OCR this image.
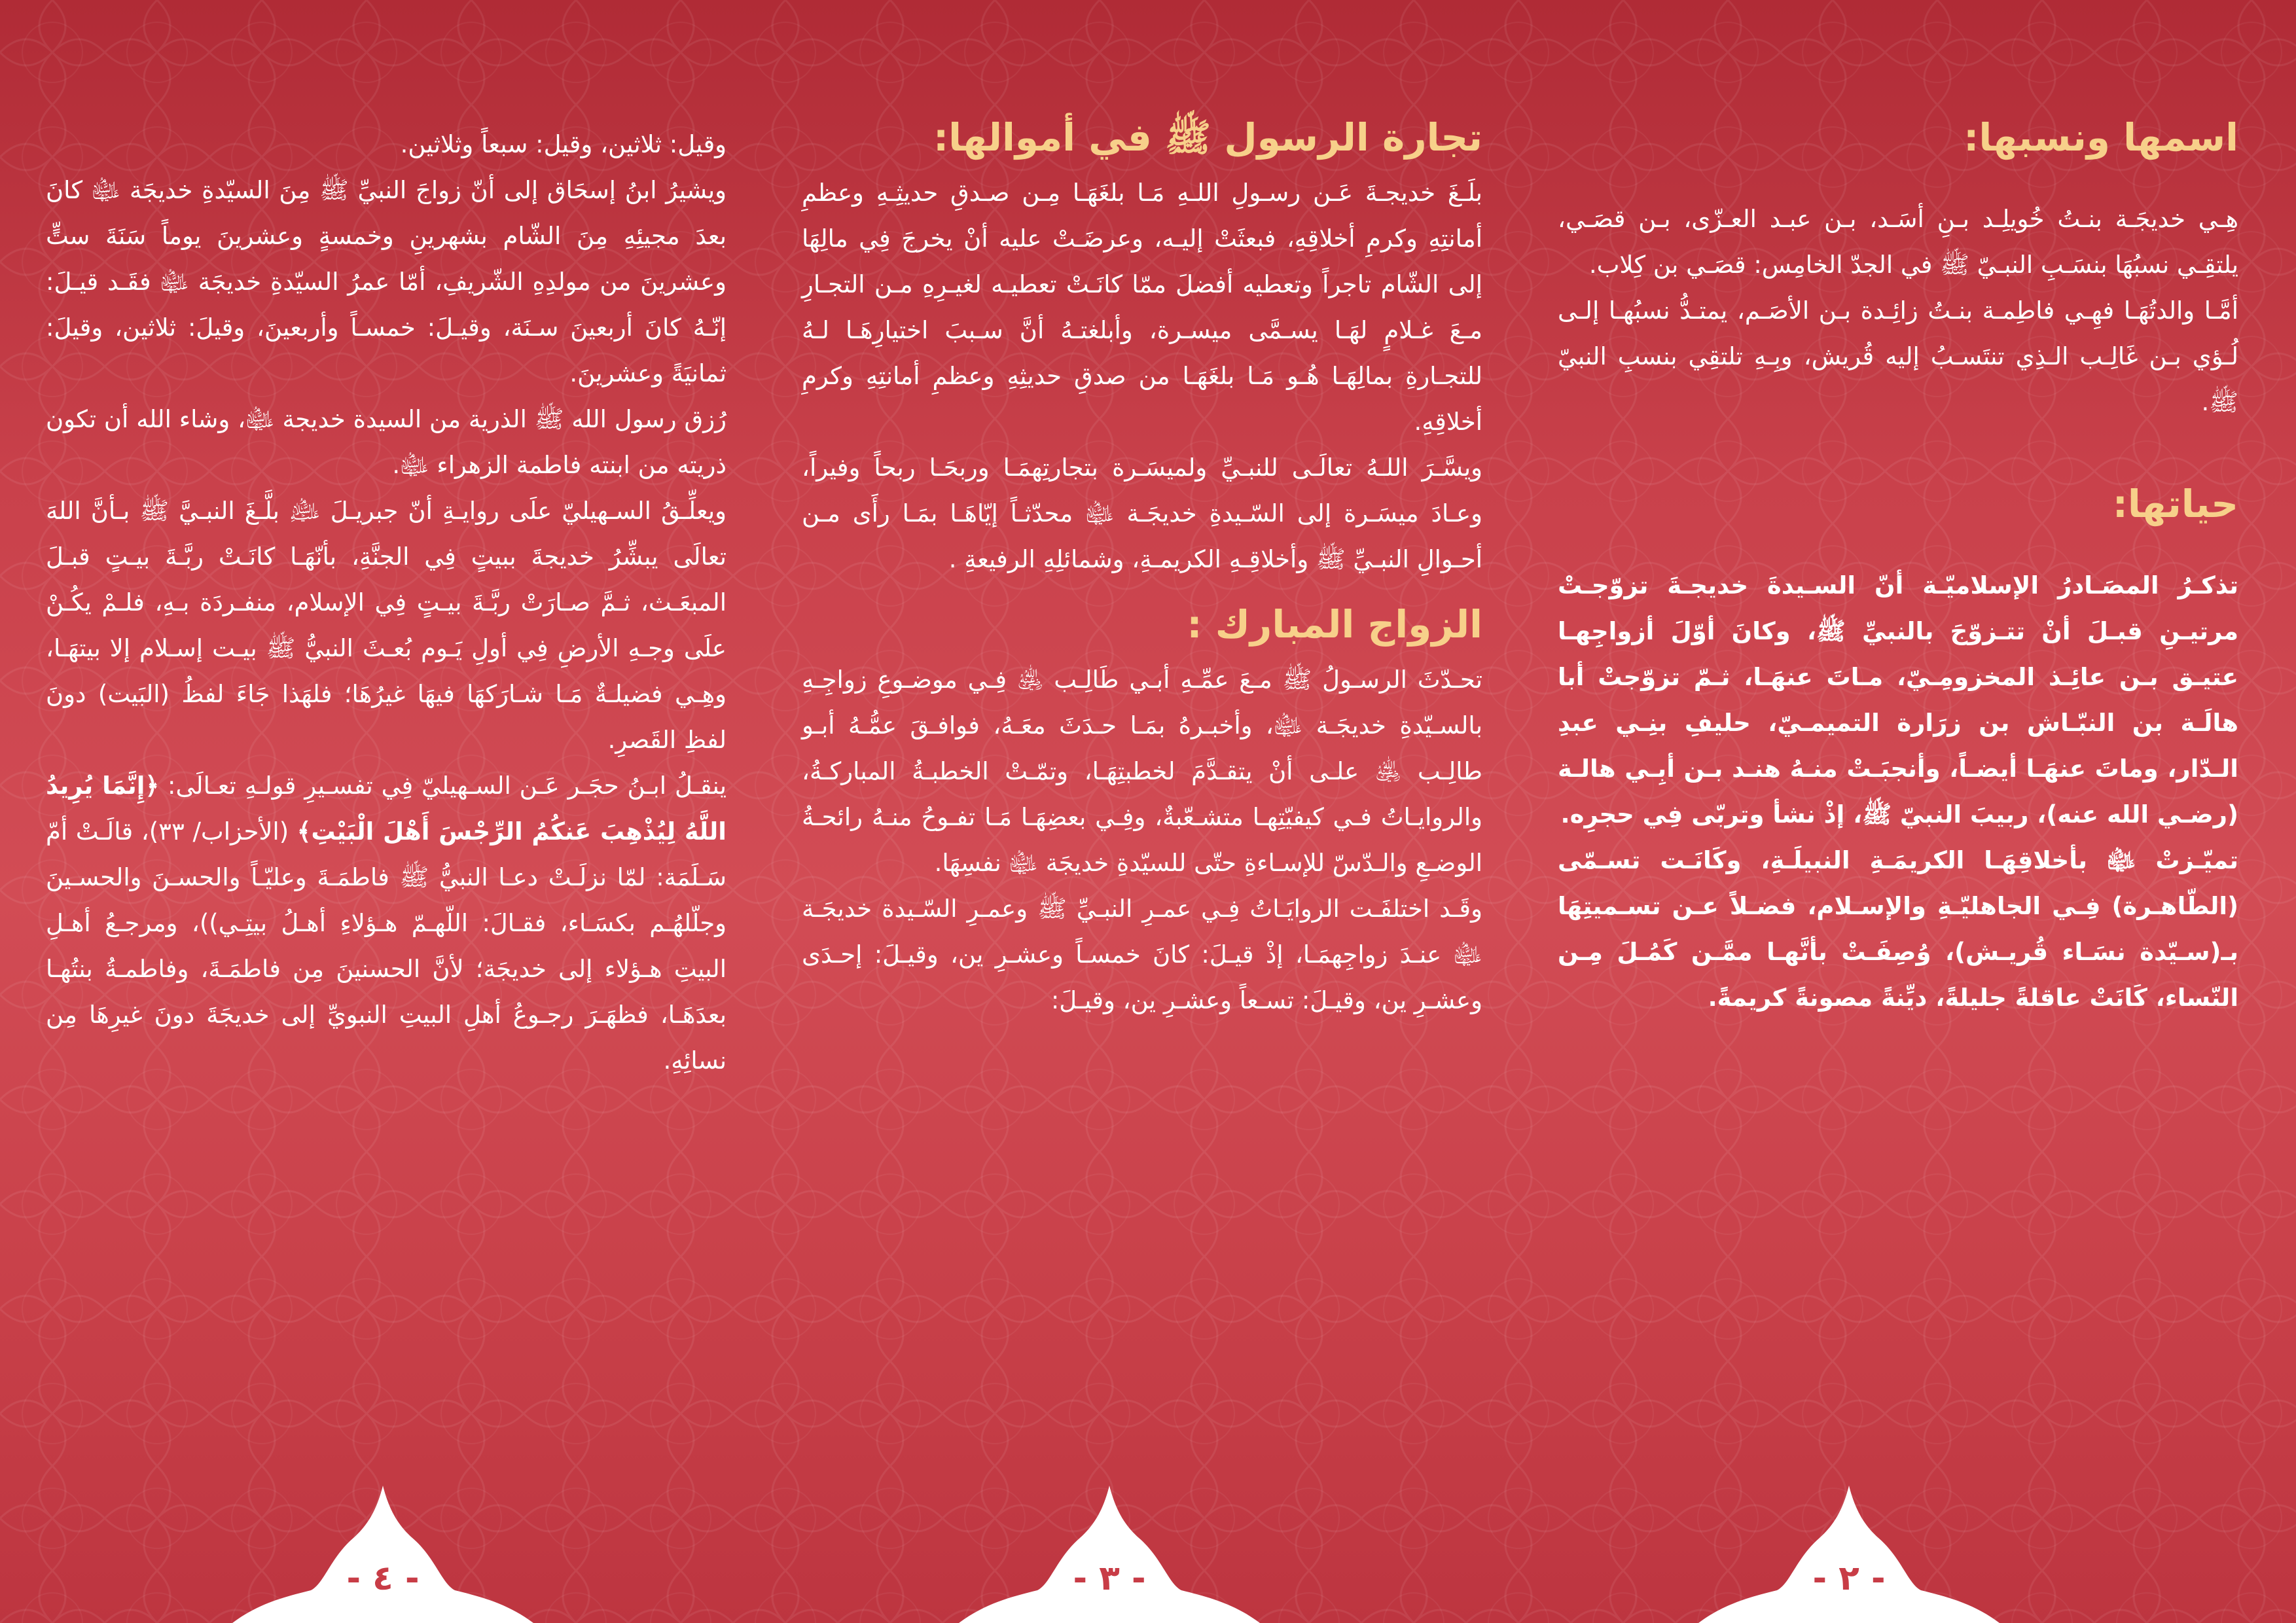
اسمها ونسبها:

هِـي خديجَـة بنـتُ خُويلِـد بـنِ أسَـد، بـن عبـد العـزّى، بـن قصَـي، يلتقِـي نسبُهَا بنسَـبِ النبـيّ ﷺ في الجدّ الخامِس: قصَـي بن كِلاب.

أمَّـا والدتُهَـا فهِـي فاطِمـة بنـتُ زائِـدة بـن الأصَـم، يمتـدُّ نسبُهـا إلـى لُـؤي بـن غَالِـب الـذِي تنتَسـبُ إليه قُريش، وبِـهِ تلتقِي بنسبِ النبيّ ﷺ.

حياتها:

تذكـرُ المصَـادرُ الإسلاميّـة أنّ السـيدةَ خديجـةَ تزوّجـتْ مرتيـنِ قبـلَ أنْ تتـزوّجَ بالنبيِّ ﷺ، وكانَ أوّلَ أزواجِهـا عتيـق بـن عائِـذ المخزومِـيّ، مـاتَ عنهَـا، ثـمّ تزوّجتْ أبا هالَـة بن النبّـاش بن زرَارة التميمـيّ، حليفِ بنِـي عبدِ الـدّار، وماتَ عنهَـا أيضـاً، وأنجبَـتْ منـهُ هنـد بـن أبِـي هالـة (رضـي الله عنه)، ربيبَ النبيّ ﷺ، إذْ نشأ وتربّى فِي حجرِه.

تميّـزتْ ﵍ بأخلاقِهَـا الكريمَـةِ النبيلَـةِ، وكَانَـت تسـمّى (الطّاهـرة) فِـي الجاهليّـةِ والإسـلام، فضـلاً عـن تسـميتِهَا بـ(سـيّدة نسَـاء قُريـش)، وُصِفَـتْ بأنَّهـا ممَّـن كَمُـلَ مِـن النّساء، كَانَتْ عاقلةً جليلةً، ديِّنةً مصونةً كريمةً.

تجارة الرسول ﷺ في أموالها:

بلَـغَ خديجـةَ عَـن رسـولِ اللـهِ مَـا بلغَهَـا مِـن صـدقِ حديثِـهِ وعظمِ أمانتِهِ وكرمِ أخلاقِهِ، فبعثَتْ إليـه، وعرضَـتْ عليه أنْ يخرجَ فِي مالِهَا إلى الشّام تاجراً وتعطيه أفضلَ ممّا كانَـتْ تعطيـه لغيـرِهِ مـن التجـارِ مـعَ غـلامٍ لهَـا يسـمَّى ميسـرة، وأبلغتـهُ أنَّ سـببَ اختيارِهَـا لـهُ للتجـارةِ بمالِهَـا هُـو مَـا بلغَهَـا من صدقِ حديثِهِ وعظمِ أمانتِهِ وكرمِ أخلاقِهِ.

ويسَّـرَ اللـهُ تعالَـى للنبـيِّ ولميسَـرة بتجارتِهمَـا وربحَـا ربحاً وفيراً، وعـادَ ميسَـرة إلى السّـيدةِ خديجَـة ﵍ محدّثـاً إيّاهَـا بمَـا رأَى مـن أحـوالِ النبـيِّ ﷺ وأخلاقِـهِ الكريمـةِ، وشمائلِهِ الرفيعةِ .

الزواج المبارك :

تحـدّثَ الرسـولُ ﷺ مـعَ عمِّـهِ أبـي طَالِـب ﵁ فِـي موضـوعِ زواجِـهِ بالسـيّدةِ خديجَـة ﵍، وأخبـرهُ بمَـا حـدَثَ معَـهُ، فوافـقَ عمُّـهُ أبـو طالِـب ﵁ علـى أنْ يتقـدَّمَ لخطبتِهَـا، وتمّـتْ الخطبـةُ المباركـةُ، والروايـاتُ فـي كيفيّتِهـا متشـعّبةٌ، وفِـي بعضِهَـا مَـا تفـوحُ منـهُ رائحـةُ الوضـعِ والـدّسّ للإسـاءةِ حتّى للسيّدةِ خديجَة ﵍ نفسِهَا.

وقَـد اختلفَـت الروايَـاتُ فِـي عمـرِ النبـيِّ ﷺ وعمـرِ السّـيدة خديجَـة ﵍ عنـدَ زواجِهمَـا، إذْ قيـلَ: كانَ خمسـاً وعشـرِ ين، وقيـلَ: إحـدَى وعشـرِ ين، وقيـلَ: تسـعاً وعشـرِ ين، وقيـلَ:

وقيل: ثلاثين، وقيل: سبعاً وثلاثين.

ويشيرُ ابنُ إسحَاق إلى أنّ زواجَ النبيِّ ﷺ مِنَ السيّدةِ خديجَة ﵍ كانَ بعدَ مجيئِهِ مِنَ الشّام بشهرينِ وخمسةٍ وعشرينَ يوماً سَنَةَ ستٍّ وعشرينَ من مولدِهِ الشّريفِ، أمّا عمرُ السيّدةِ خديجَة ﵍ فقَـد قيـلَ: إنّـهُ كانَ أربعينَ سـنَة، وقيـلَ: خمسـاً وأربعينَ، وقيلَ: ثلاثين، وقيلَ: ثمانيَةً وعشرينَ.

رُزق رسول الله ﷺ الذرية من السيدة خديجة ﵍، وشاء الله أن تكون ذريته من ابنته فاطمة الزهراء ﵍.

ويعلِّـقُ السـهيليّ علَى روايـةِ أنّ جبريـلَ ﵇ بلَّـغَ النبـيَّ ﷺ بـأنَّ اللهَ تعالَى يبشِّرُ خديجةَ ببيتٍ فِي الجنَّةِ، بأنّهَـا كانَـتْ ربَّـةَ بيـتٍ قبـلَ المبعَـث، ثـمَّ صـارَتْ ربَّـةَ بيـتٍ فِي الإسلام، منفـردَة بـهِ، فلـمْ يكُـنْ علَى وجـهِ الأرضِ فِي أولِ يَـوم بُعـثَ النبيُّ ﷺ بيـت إسـلام إلا بيتهَـا، وهِـي فضيلـةٌ مَـا شـارَكهَا فيهَا غيرُهَا؛ فلهَذا جَاءَ لفظُ (البَيت) دونَ لفظِ القَصرِ.

ينقـلُ ابـنُ حجَـر عَـن السـهيليّ فِي تفسـيرِ قولـهِ تعـالَى: ﴿إِنَّمَا يُرِيدُ اللَّهُ لِيُذْهِبَ عَنكُمُ الرِّجْسَ أَهْلَ الْبَيْتِ﴾ (الأحزاب/ ٣٣)، قالَـتْ أمّ سَـلَمَة: لمّا نزلَـتْ دعـا النبيُّ ﷺ فاطمَـةَ وعليّـاً والحسـنَ والحسـينَ وجلّلهُـم بكسَـاء، فقـالَ: اللّهـمّ هـؤلاءِ أهـلُ بيتِـي))، ومرجـعُ أهـلِ البيتِ هـؤلاء إلى خديجَة؛ لأنَّ الحسنينَ مِن فاطمَـةَ، وفاطمـةُ بنتُهـا بعدَهَـا، فظهَـرَ رجـوعُ أهلِ البيتِ النبويِّ إلى خديجَةَ دونَ غيرِهَا مِن نسائِهِ.

- ٢ -
- ٣ -
- ٤ -
